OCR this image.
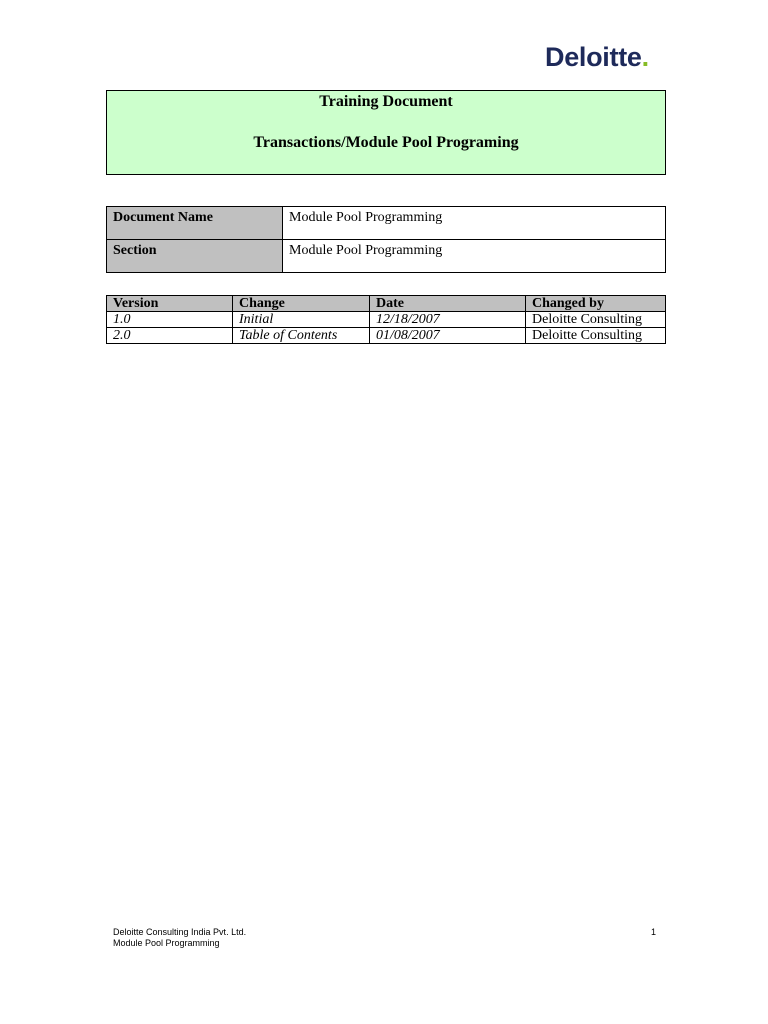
Deloitte.
Training Document
Transactions/Module Pool Programing
Document Name	Module Pool Programming
Section	Module Pool Programming
Version	Change	Date	Changed by
1.0	Initial	12/18/2007	Deloitte Consulting
2.0	Table of Contents	01/08/2007	Deloitte Consulting
Deloitte Consulting India Pvt. Ltd.
Module Pool Programming
1
